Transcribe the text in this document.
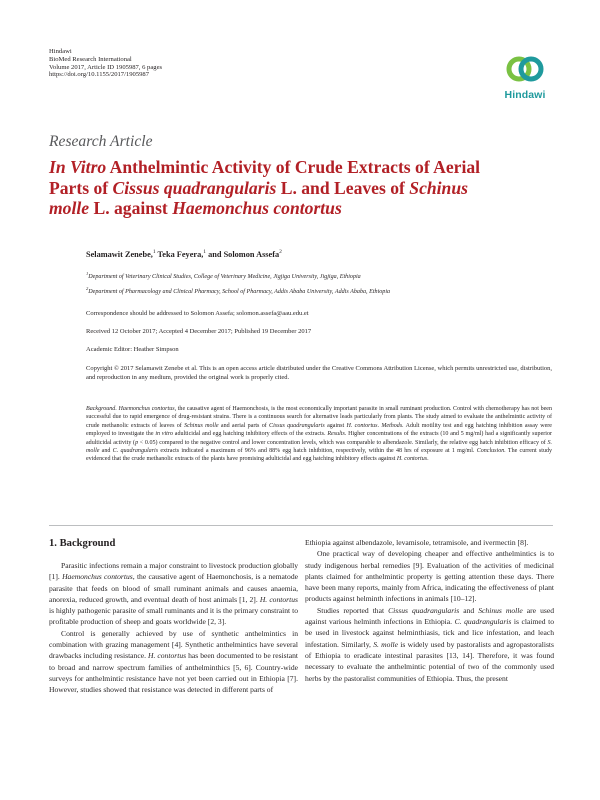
Hindawi
BioMed Research International
Volume 2017, Article ID 1905987, 6 pages
https://doi.org/10.1155/2017/1905987
Hindawi
Research Article
In Vitro Anthelmintic Activity of Crude Extracts of Aerial Parts of Cissus quadrangularis L. and Leaves of Schinus molle L. against Haemonchus contortus
Selamawit Zenebe,$^1$ Teka Feyera,$^1$ and Solomon Assefa$^2$
$^1$Department of Veterinary Clinical Studies, College of Veterinary Medicine, Jigjiga University, Jigjiga, Ethiopia
$^2$Department of Pharmacology and Clinical Pharmacy, School of Pharmacy, Addis Ababa University, Addis Ababa, Ethiopia
Correspondence should be addressed to Solomon Assefa; solomon.assefa@aau.edu.et
Received 12 October 2017; Accepted 4 December 2017; Published 19 December 2017
Academic Editor: Heather Simpson
Copyright © 2017 Selamawit Zenebe et al. This is an open access article distributed under the Creative Commons Attribution License, which permits unrestricted use, distribution, and reproduction in any medium, provided the original work is properly cited.
Background. Haemonchus contortus, the causative agent of Haemonchosis, is the most economically important parasite in small ruminant production. Control with chemotherapy has not been successful due to rapid emergence of drug-resistant strains. There is a continuous search for alternative leads particularly from plants. The study aimed to evaluate the anthelmintic activity of crude methanolic extracts of leaves of Schinus molle and aerial parts of Cissus quadrangularis against H. contortus. Methods. Adult motility test and egg hatching inhibition assay were employed to investigate the in vitro adulticidal and egg hatching inhibitory effects of the extracts. Results. Higher concentrations of the extracts (10 and 5 mg/ml) had a significantly superior adulticidal activity (p < 0.05) compared to the negative control and lower concentration levels, which was comparable to albendazole. Similarly, the relative egg hatch inhibition efficacy of S. molle and C. quadrangularis extracts indicated a maximum of 96% and 88% egg hatch inhibition, respectively, within the 48 hrs of exposure at 1 mg/ml. Conclusion. The current study evidenced that the crude methanolic extracts of the plants have promising adulticidal and egg hatching inhibitory effects against H. contortus.
1. Background

Parasitic infections remain a major constraint to livestock production globally [1]. Haemonchus contortus, the causative agent of Haemonchosis, is a nematode parasite that feeds on blood of small ruminant animals and causes anaemia, anorexia, reduced growth, and eventual death of host animals [1, 2]. H. contortus is highly pathogenic parasite of small ruminants and it is the primary constraint to profitable production of sheep and goats worldwide [2, 3].

Control is generally achieved by use of synthetic anthelmintics in combination with grazing management [4]. Synthetic anthelmintics have several drawbacks including resistance. H. contortus has been documented to be resistant to broad and narrow spectrum families of anthelminthics [5, 6]. Country-wide surveys for anthelmintic resistance have not yet been carried out in Ethiopia [7]. However, studies showed that resistance was detected in different parts of

Ethiopia against albendazole, levamisole, tetramisole, and ivermectin [8].

One practical way of developing cheaper and effective anthelmintics is to study indigenous herbal remedies [9]. Evaluation of the activities of medicinal plants claimed for anthelmintic property is getting attention these days. There have been many reports, mainly from Africa, indicating the effectiveness of plant products against helminth infections in animals [10–12].

Studies reported that Cissus quadrangularis and Schinus molle are used against various helminth infections in Ethiopia. C. quadrangularis is claimed to be used in livestock against helminthiasis, tick and lice infestation, and leach infestation. Similarly, S. molle is widely used by pastoralists and agropastoralists of Ethiopia to eradicate intestinal parasites [13, 14]. Therefore, it was found necessary to evaluate the anthelmintic potential of two of the commonly used herbs by the pastoralist communities of Ethiopia. Thus, the present
